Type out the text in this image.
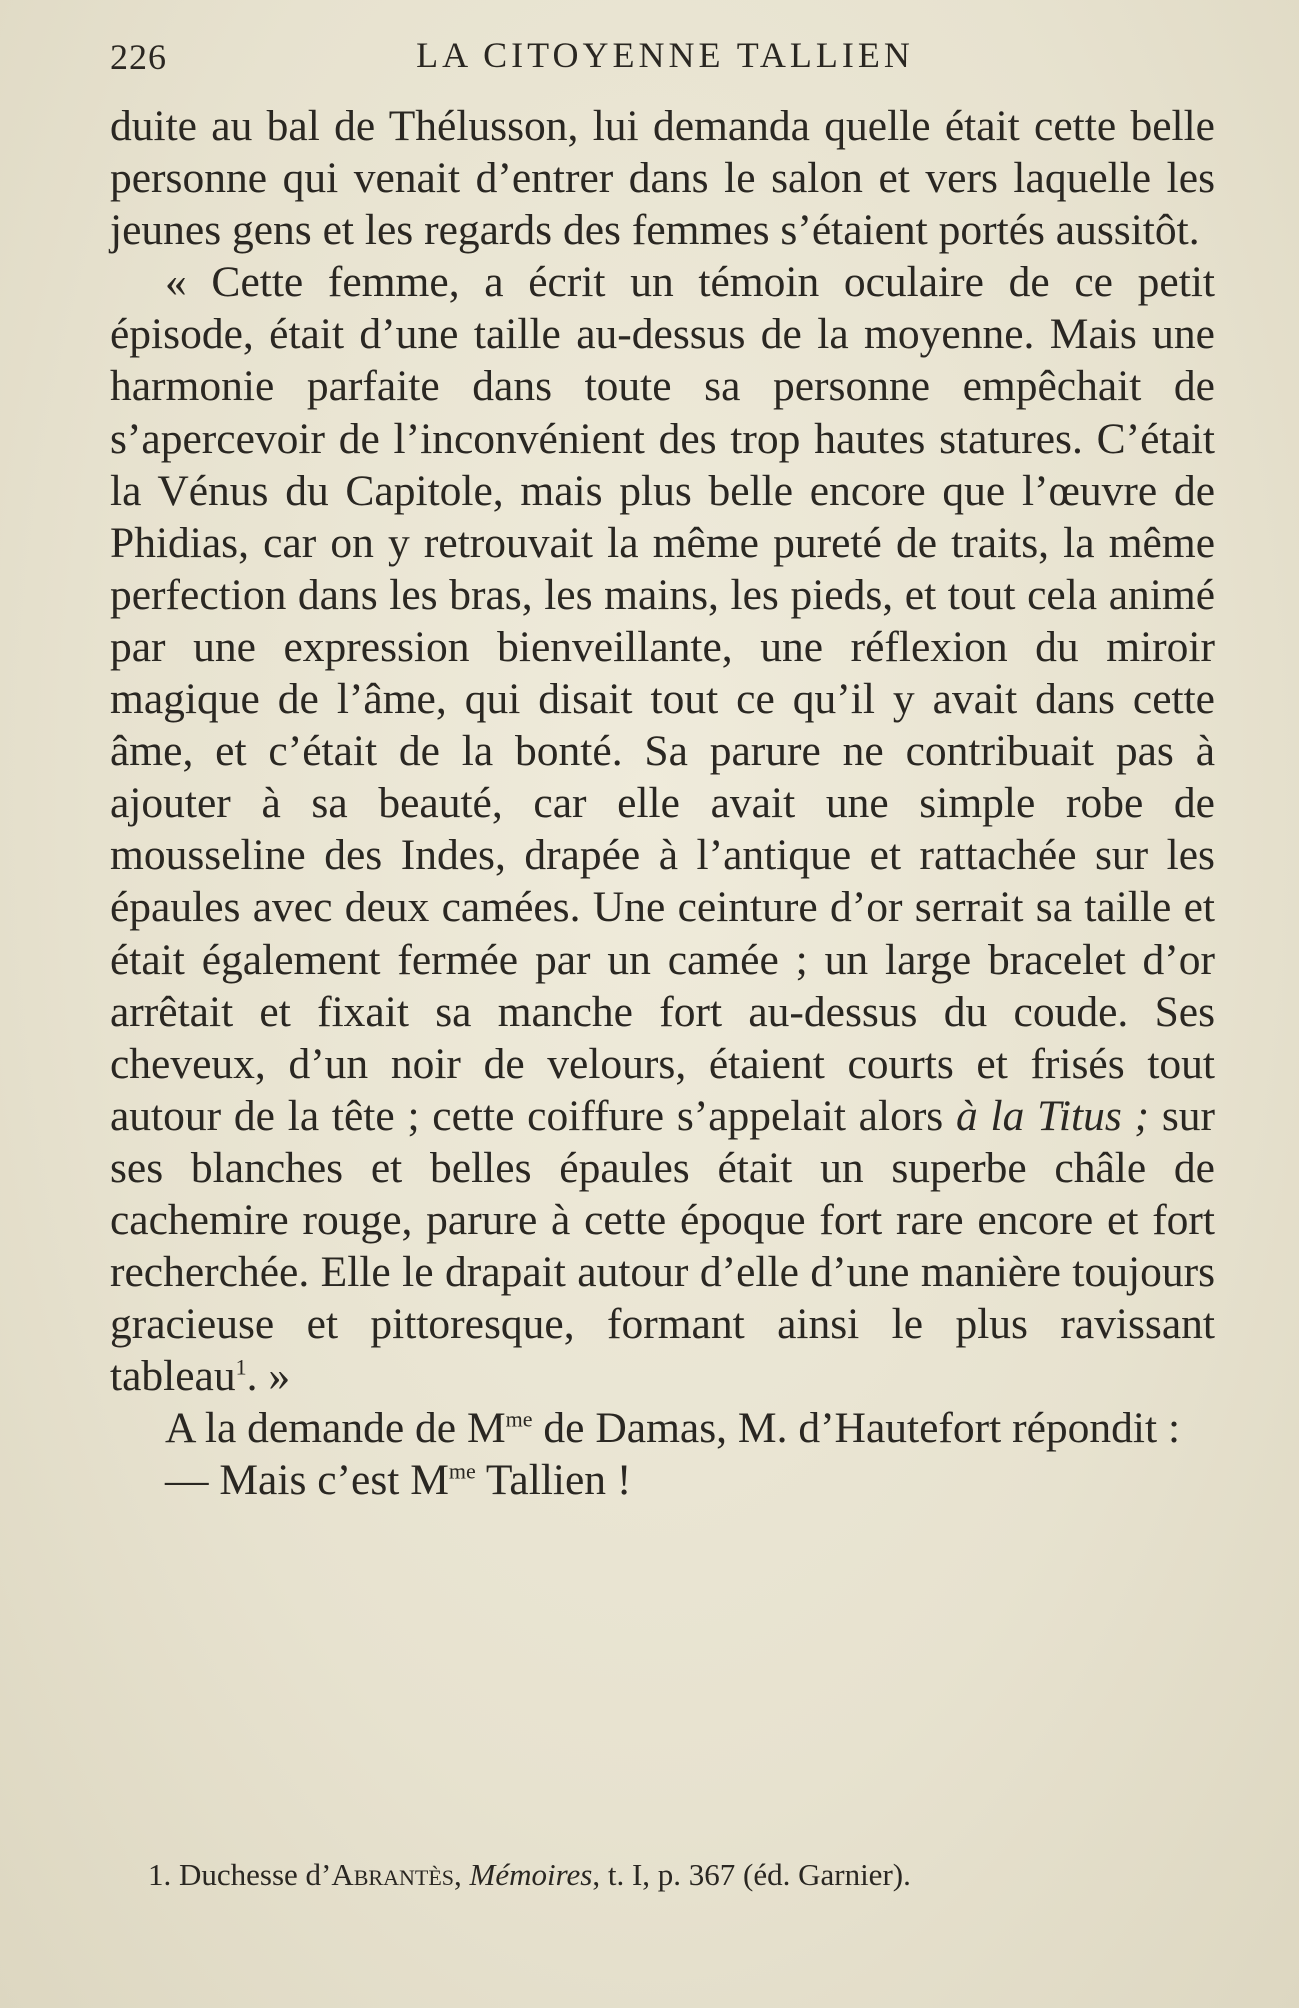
226	LA CITOYENNE TALLIEN

duite au bal de Thélusson, lui demanda quelle était cette belle personne qui venait d’entrer dans le salon et vers laquelle les jeunes gens et les regards des femmes s’étaient portés aussitôt.

« Cette femme, a écrit un témoin oculaire de ce petit épisode, était d’une taille au-dessus de la moyenne. Mais une harmonie parfaite dans toute sa personne empêchait de s’apercevoir de l’inconvénient des trop hautes statures. C’était la Vénus du Capitole, mais plus belle encore que l’œuvre de Phidias, car on y retrouvait la même pureté de traits, la même perfection dans les bras, les mains, les pieds, et tout cela animé par une expression bienveillante, une réflexion du miroir magique de l’âme, qui disait tout ce qu’il y avait dans cette âme, et c’était de la bonté. Sa parure ne contribuait pas à ajouter à sa beauté, car elle avait une simple robe de mousseline des Indes, drapée à l’antique et rattachée sur les épaules avec deux camées. Une ceinture d’or serrait sa taille et était également fermée par un camée ; un large bracelet d’or arrêtait et fixait sa manche fort au-dessus du coude. Ses cheveux, d’un noir de velours, étaient courts et frisés tout autour de la tête ; cette coiffure s’appelait alors à la Titus ; sur ses blanches et belles épaules était un superbe châle de cachemire rouge, parure à cette époque fort rare encore et fort recherchée. Elle le drapait autour d’elle d’une manière toujours gracieuse et pittoresque, formant ainsi le plus ravissant tableau$^1$. »

A la demande de $M^{me}$ de Damas, M. d’Hautefort répondit :

— Mais c’est $M^{me}$ Tallien !

1. Duchesse d’Abrantès, Mémoires, t. I, p. 367 (éd. Garnier).
